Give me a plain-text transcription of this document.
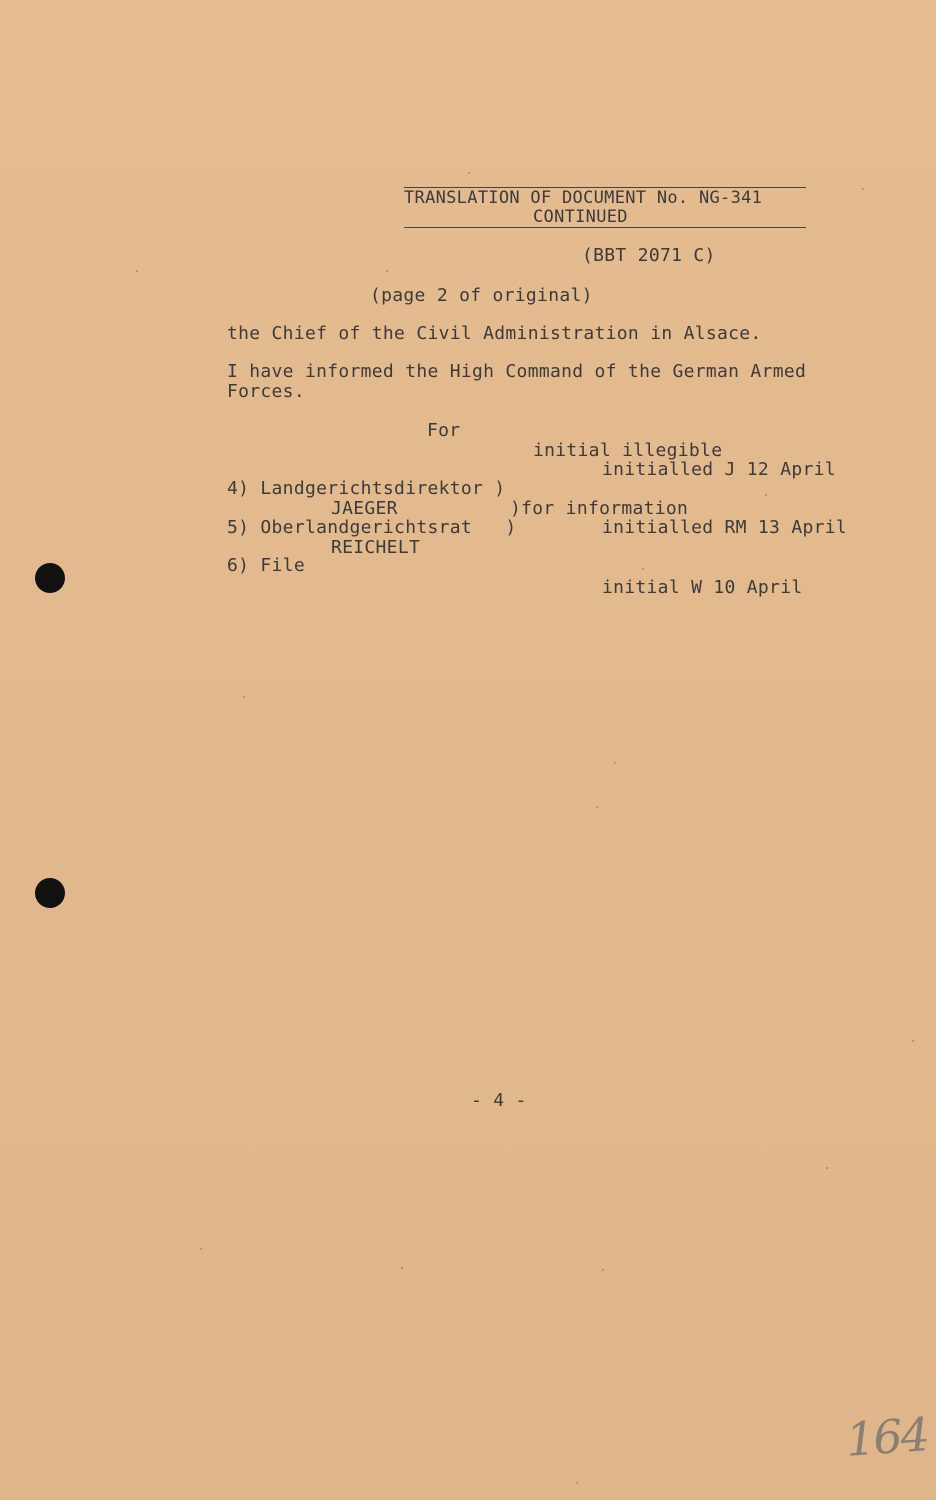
TRANSLATION OF DOCUMENT No. NG-341
CONTINUED
(BBT 2071 C)
(page 2 of original)
the Chief of the Civil Administration in Alsace.
I have informed the High Command of the German Armed
Forces.
For
initial illegible
initialled J 12 April
4) Landgerichtsdirektor )
JAEGER	)for information
5) Oberlandgerichtsrat   )	initialled RM 13 April
REICHELT
6) File
initial W 10 April
- 4 -
164
